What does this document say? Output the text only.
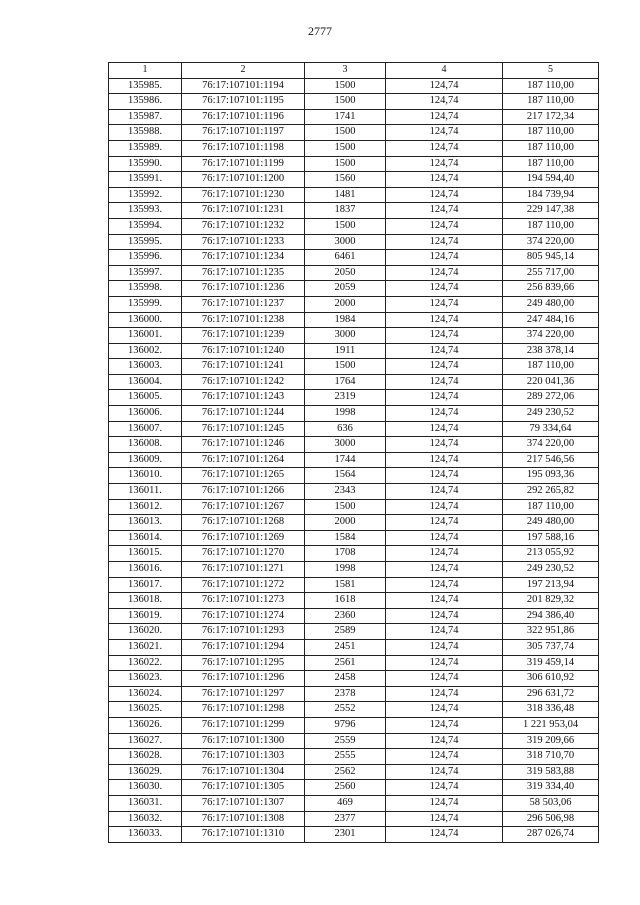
2777
1	2	3	4	5
135985.	76:17:107101:1194	1500	124,74	187 110,00
135986.	76:17:107101:1195	1500	124,74	187 110,00
135987.	76:17:107101:1196	1741	124,74	217 172,34
135988.	76:17:107101:1197	1500	124,74	187 110,00
135989.	76:17:107101:1198	1500	124,74	187 110,00
135990.	76:17:107101:1199	1500	124,74	187 110,00
135991.	76:17:107101:1200	1560	124,74	194 594,40
135992.	76:17:107101:1230	1481	124,74	184 739,94
135993.	76:17:107101:1231	1837	124,74	229 147,38
135994.	76:17:107101:1232	1500	124,74	187 110,00
135995.	76:17:107101:1233	3000	124,74	374 220,00
135996.	76:17:107101:1234	6461	124,74	805 945,14
135997.	76:17:107101:1235	2050	124,74	255 717,00
135998.	76:17:107101:1236	2059	124,74	256 839,66
135999.	76:17:107101:1237	2000	124,74	249 480,00
136000.	76:17:107101:1238	1984	124,74	247 484,16
136001.	76:17:107101:1239	3000	124,74	374 220,00
136002.	76:17:107101:1240	1911	124,74	238 378,14
136003.	76:17:107101:1241	1500	124,74	187 110,00
136004.	76:17:107101:1242	1764	124,74	220 041,36
136005.	76:17:107101:1243	2319	124,74	289 272,06
136006.	76:17:107101:1244	1998	124,74	249 230,52
136007.	76:17:107101:1245	636	124,74	79 334,64
136008.	76:17:107101:1246	3000	124,74	374 220,00
136009.	76:17:107101:1264	1744	124,74	217 546,56
136010.	76:17:107101:1265	1564	124,74	195 093,36
136011.	76:17:107101:1266	2343	124,74	292 265,82
136012.	76:17:107101:1267	1500	124,74	187 110,00
136013.	76:17:107101:1268	2000	124,74	249 480,00
136014.	76:17:107101:1269	1584	124,74	197 588,16
136015.	76:17:107101:1270	1708	124,74	213 055,92
136016.	76:17:107101:1271	1998	124,74	249 230,52
136017.	76:17:107101:1272	1581	124,74	197 213,94
136018.	76:17:107101:1273	1618	124,74	201 829,32
136019.	76:17:107101:1274	2360	124,74	294 386,40
136020.	76:17:107101:1293	2589	124,74	322 951,86
136021.	76:17:107101:1294	2451	124,74	305 737,74
136022.	76:17:107101:1295	2561	124,74	319 459,14
136023.	76:17:107101:1296	2458	124,74	306 610,92
136024.	76:17:107101:1297	2378	124,74	296 631,72
136025.	76:17:107101:1298	2552	124,74	318 336,48
136026.	76:17:107101:1299	9796	124,74	1 221 953,04
136027.	76:17:107101:1300	2559	124,74	319 209,66
136028.	76:17:107101:1303	2555	124,74	318 710,70
136029.	76:17:107101:1304	2562	124,74	319 583,88
136030.	76:17:107101:1305	2560	124,74	319 334,40
136031.	76:17:107101:1307	469	124,74	58 503,06
136032.	76:17:107101:1308	2377	124,74	296 506,98
136033.	76:17:107101:1310	2301	124,74	287 026,74
